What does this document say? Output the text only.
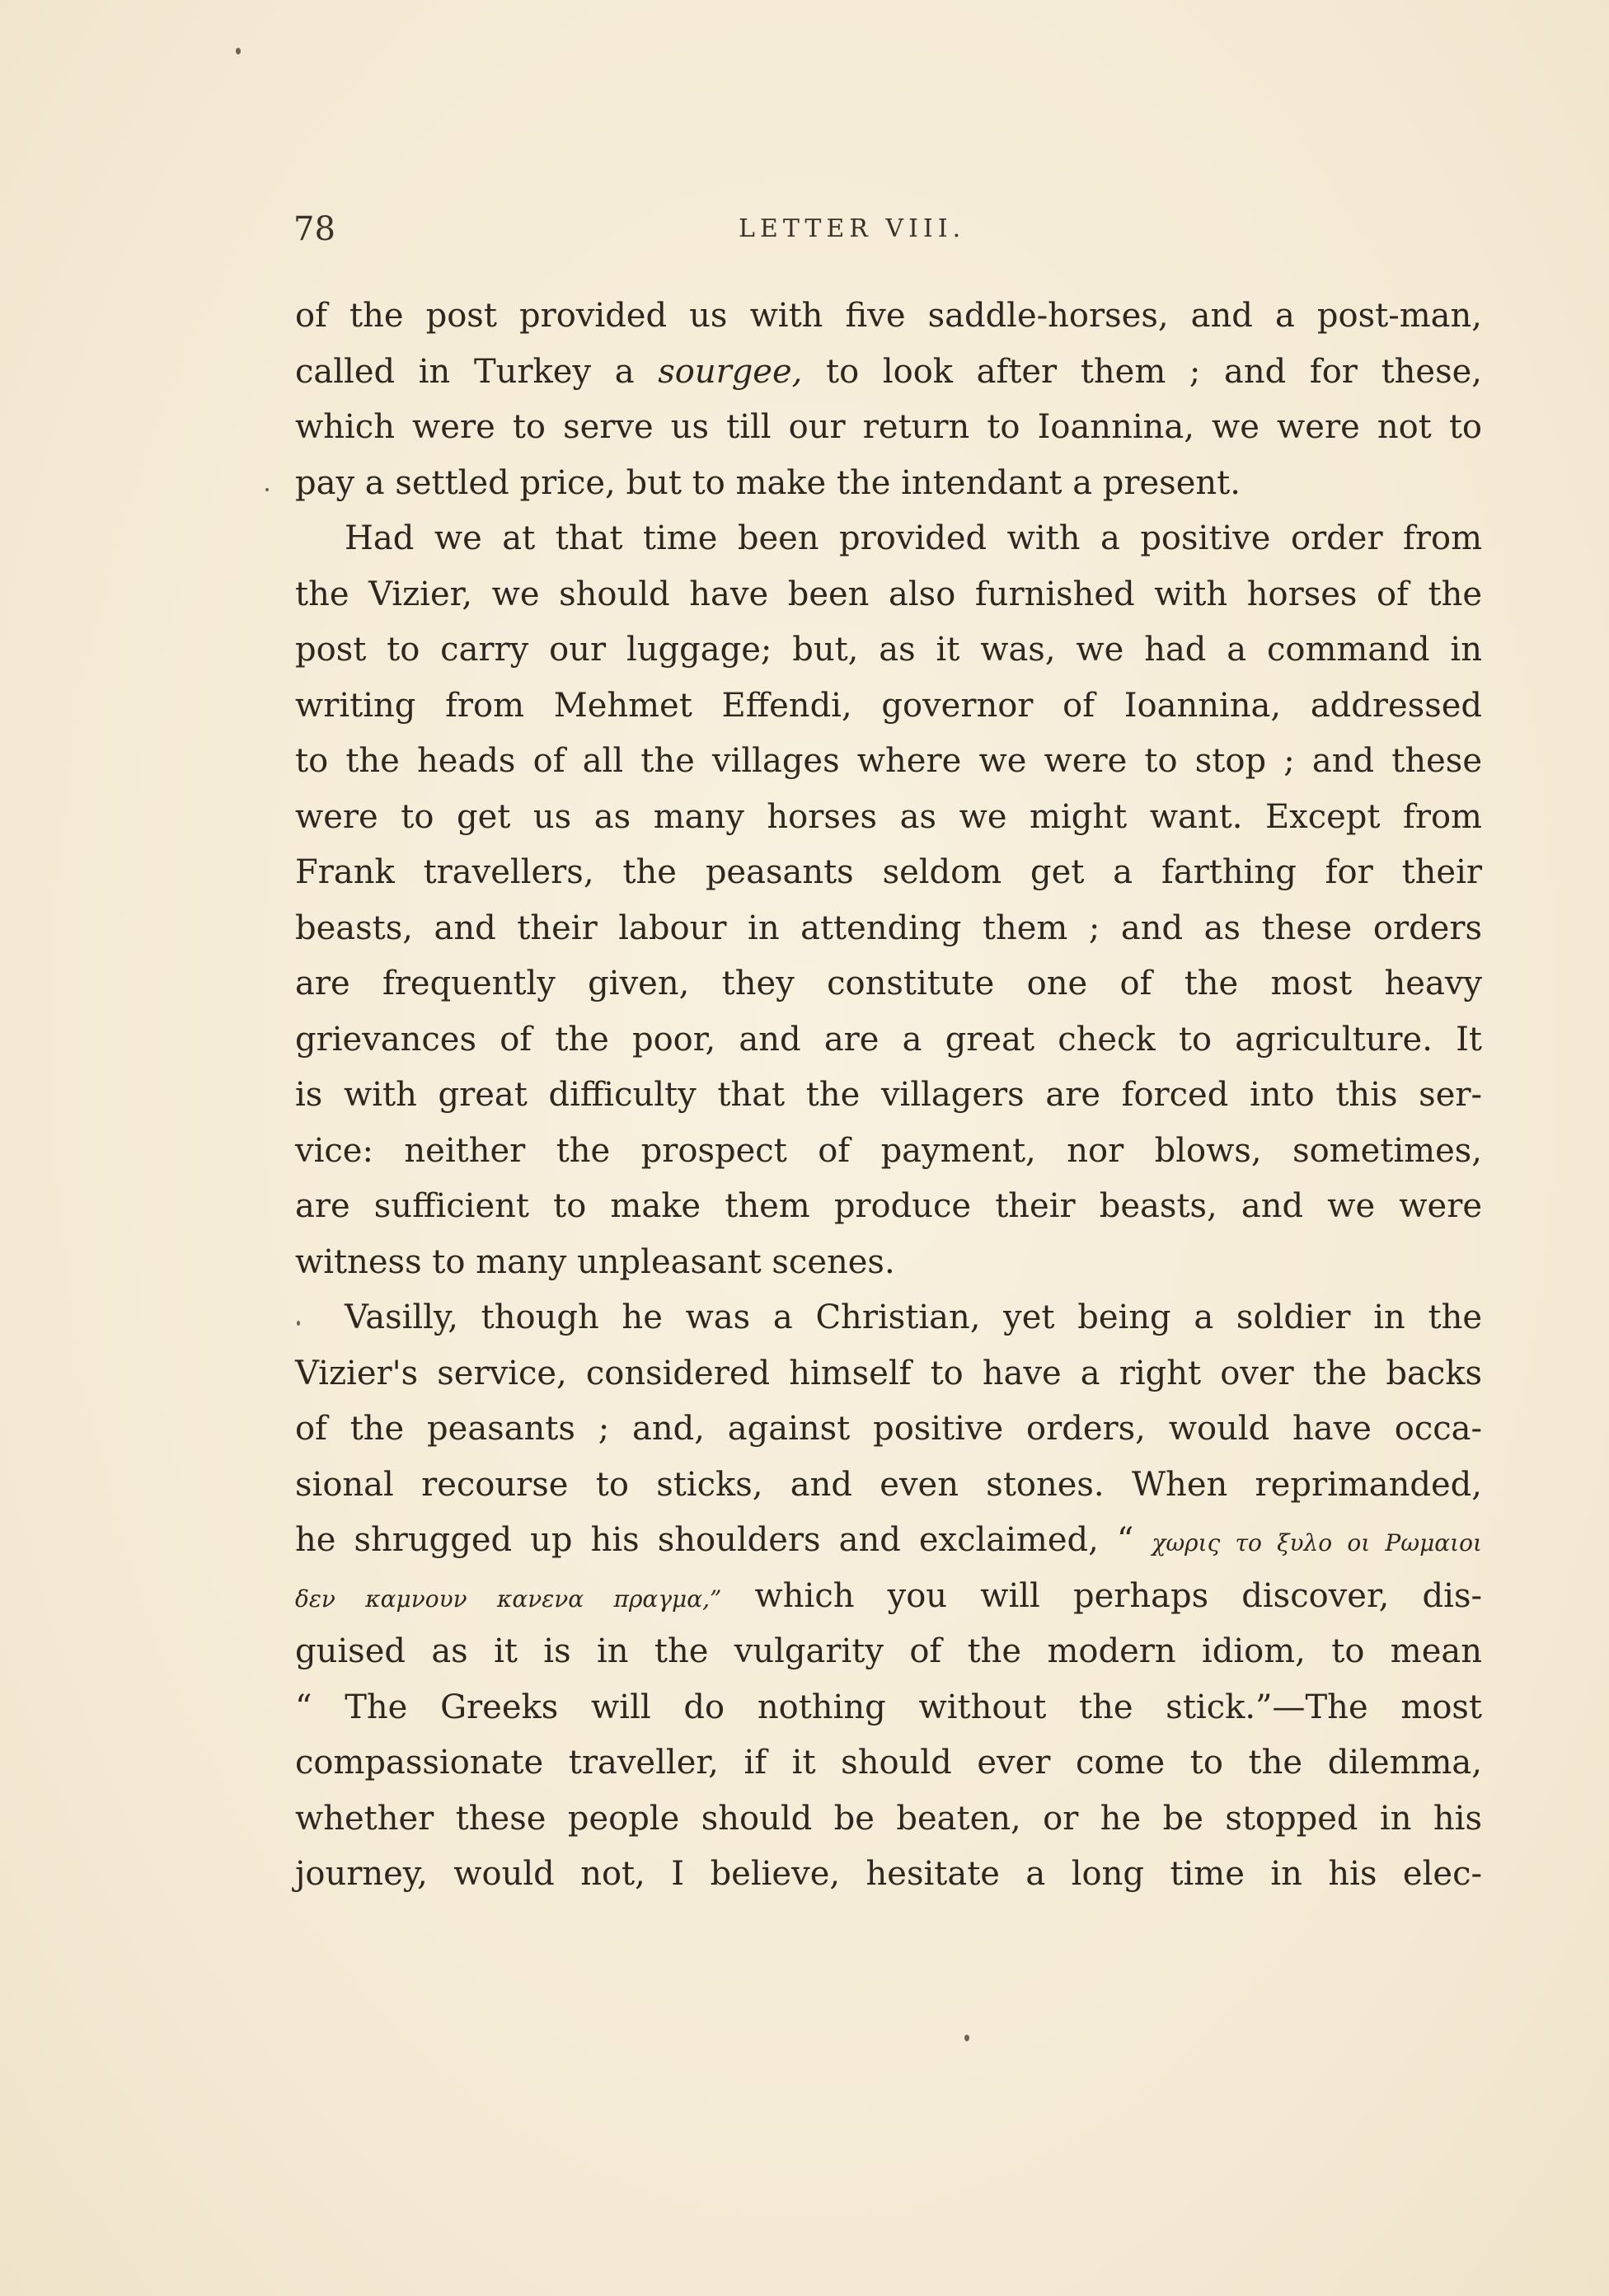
78	LETTER VIII.
of the post provided us with five saddle-horses, and a post-man,
called in Turkey a sourgee, to look after them ; and for these,
which were to serve us till our return to Ioannina, we were not to
pay a settled price, but to make the intendant a present.
Had we at that time been provided with a positive order from
the Vizier, we should have been also furnished with horses of the
post to carry our luggage; but, as it was, we had a command in
writing from Mehmet Effendi, governor of Ioannina, addressed
to the heads of all the villages where we were to stop ; and these
were to get us as many horses as we might want. Except from
Frank travellers, the peasants seldom get a farthing for their
beasts, and their labour in attending them ; and as these orders
are frequently given, they constitute one of the most heavy
grievances of the poor, and are a great check to agriculture. It
is with great difficulty that the villagers are forced into this ser-
vice: neither the prospect of payment, nor blows, sometimes,
are sufficient to make them produce their beasts, and we were
witness to many unpleasant scenes.
Vasilly, though he was a Christian, yet being a soldier in the
Vizier's service, considered himself to have a right over the backs
of the peasants ; and, against positive orders, would have occa-
sional recourse to sticks, and even stones. When reprimanded,
he shrugged up his shoulders and exclaimed, “ χωρις το ξυλο οι Ρωμαιοι
δεν καμνουν κανενα πραγμα,” which you will perhaps discover, dis-
guised as it is in the vulgarity of the modern idiom, to mean
“ The Greeks will do nothing without the stick.”—The most
compassionate traveller, if it should ever come to the dilemma,
whether these people should be beaten, or he be stopped in his
journey, would not, I believe, hesitate a long time in his elec-
